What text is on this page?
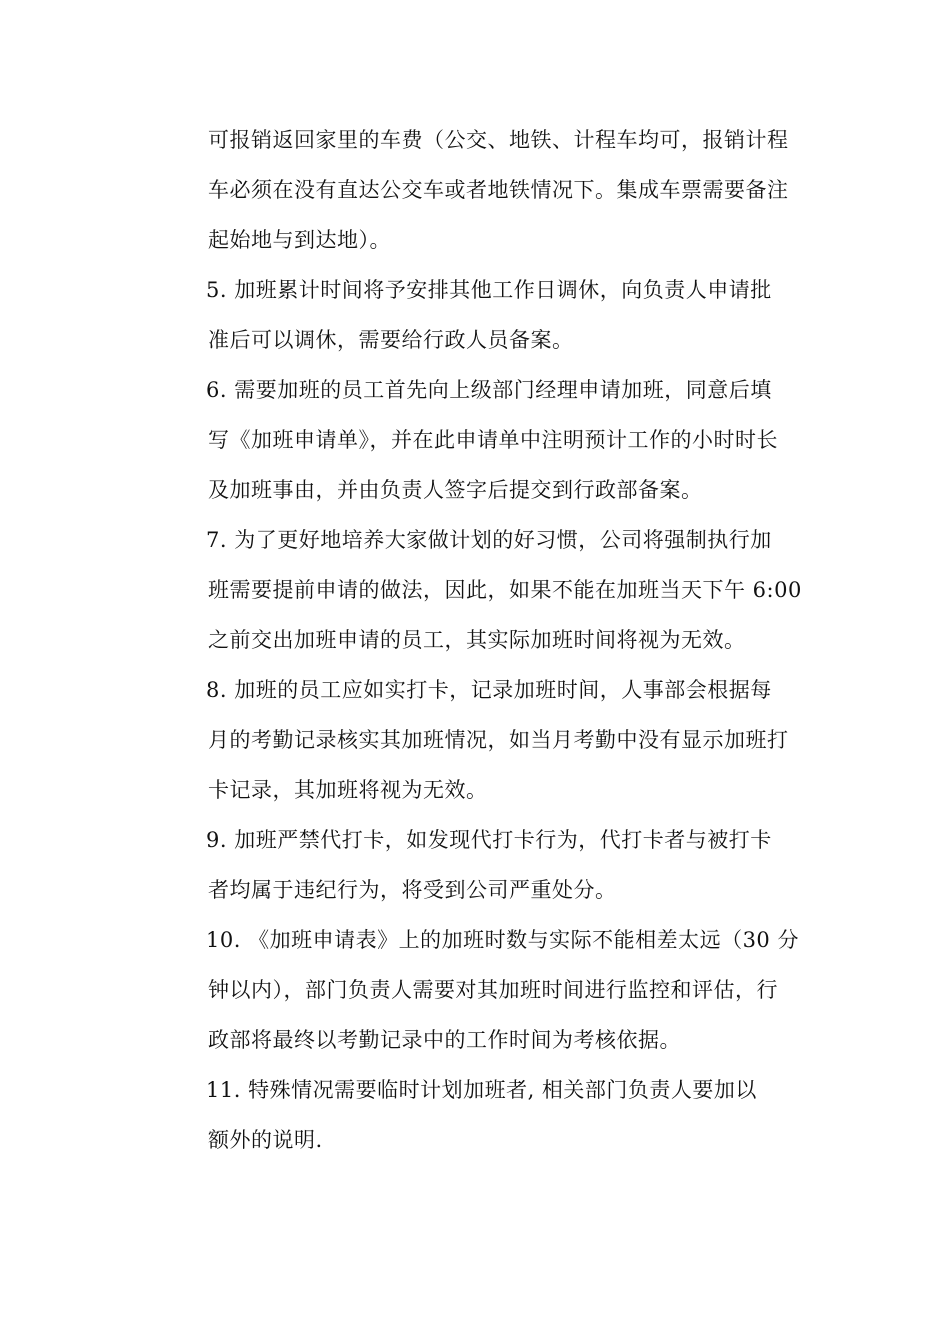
可报销返回家里的车费（公交、地铁、计程车均可，报销计程
车必须在没有直达公交车或者地铁情况下。集成车票需要备注
起始地与到达地）。
5. 加班累计时间将予安排其他工作日调休，向负责人申请批
准后可以调休，需要给行政人员备案。
6. 需要加班的员工首先向上级部门经理申请加班，同意后填
写《加班申请单》，并在此申请单中注明预计工作的小时时长
及加班事由，并由负责人签字后提交到行政部备案。
7. 为了更好地培养大家做计划的好习惯，公司将强制执行加
班需要提前申请的做法，因此，如果不能在加班当天下午 6:00
之前交出加班申请的员工，其实际加班时间将视为无效。
8. 加班的员工应如实打卡，记录加班时间，人事部会根据每
月的考勤记录核实其加班情况，如当月考勤中没有显示加班打
卡记录，其加班将视为无效。
9. 加班严禁代打卡，如发现代打卡行为，代打卡者与被打卡
者均属于违纪行为，将受到公司严重处分。
10. 《加班申请表》上的加班时数与实际不能相差太远（30 分
钟以内），部门负责人需要对其加班时间进行监控和评估，行
政部将最终以考勤记录中的工作时间为考核依据。
11. 特殊情况需要临时计划加班者, 相关部门负责人要加以
额外的说明.
